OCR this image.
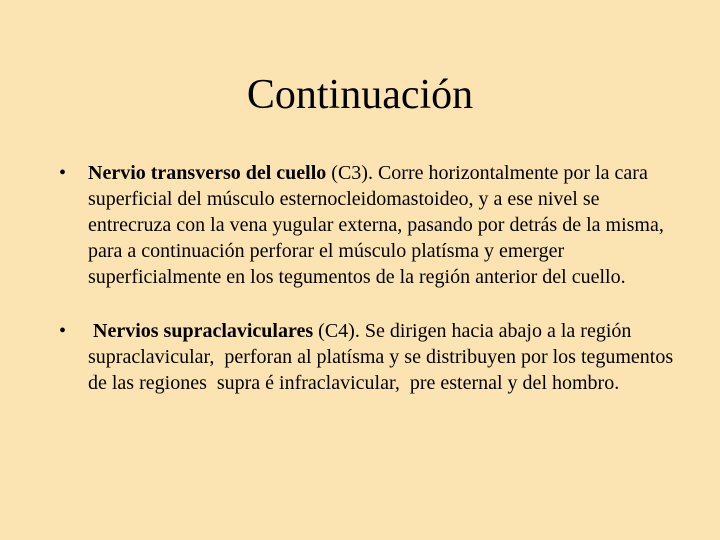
Continuación
• Nervio transverso del cuello (C3). Corre horizontalmente por la cara superficial del músculo esternocleidomastoideo, y a ese nivel se entrecruza con la vena yugular externa, pasando por detrás de la misma, para a continuación perforar el músculo platísma y emerger superficialmente en los tegumentos de la región anterior del cuello.
• Nervios supraclaviculares (C4). Se dirigen hacia abajo a la región supraclavicular,  perforan al platísma y se distribuyen por los tegumentos de las regiones  supra é infraclavicular,  pre esternal y del hombro.
